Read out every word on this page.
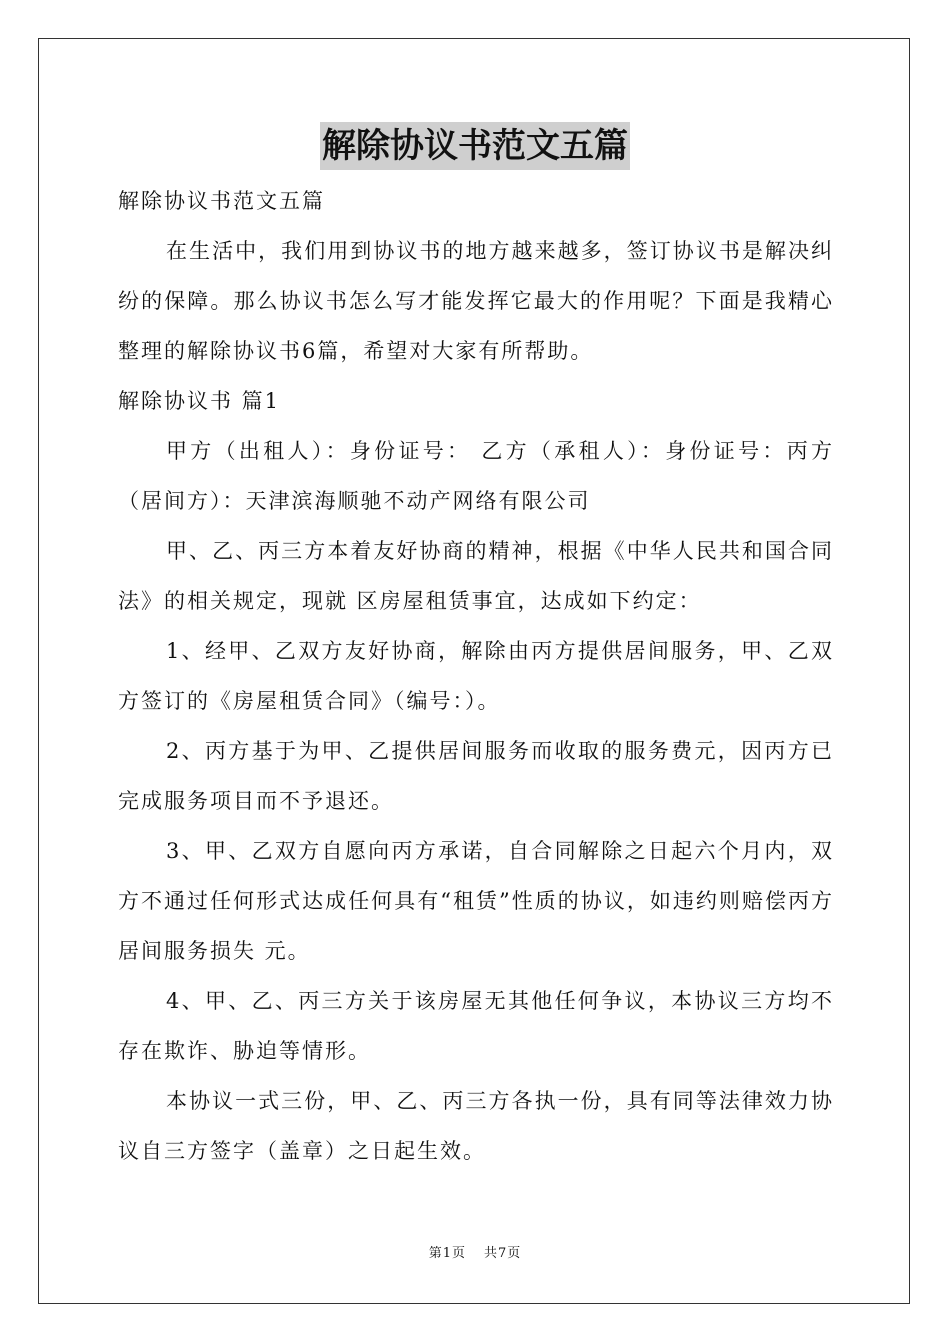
解除协议书范文五篇
解除协议书范文五篇

在生活中，我们用到协议书的地方越来越多，签订协议书是解决纠纷的保障。那么协议书怎么写才能发挥它最大的作用呢？下面是我精心整理的解除协议书6篇，希望对大家有所帮助。

解除协议书 篇1

甲方（出租人）：身份证号： 乙方（承租人）：身份证号：丙方（居间方）：天津滨海顺驰不动产网络有限公司

甲、乙、丙三方本着友好协商的精神，根据《中华人民共和国合同法》的相关规定，现就 区房屋租赁事宜，达成如下约定：

1、经甲、乙双方友好协商，解除由丙方提供居间服务，甲、乙双方签订的《房屋租赁合同》（编号：）。

2、丙方基于为甲、乙提供居间服务而收取的服务费元，因丙方已完成服务项目而不予退还。

3、甲、乙双方自愿向丙方承诺，自合同解除之日起六个月内，双方不通过任何形式达成任何具有“租赁”性质的协议，如违约则赔偿丙方居间服务损失 元。

4、甲、乙、丙三方关于该房屋无其他任何争议，本协议三方均不存在欺诈、胁迫等情形。

本协议一式三份，甲、乙、丙三方各执一份，具有同等法律效力协议自三方签字（盖章）之日起生效。

第1页 共7页
